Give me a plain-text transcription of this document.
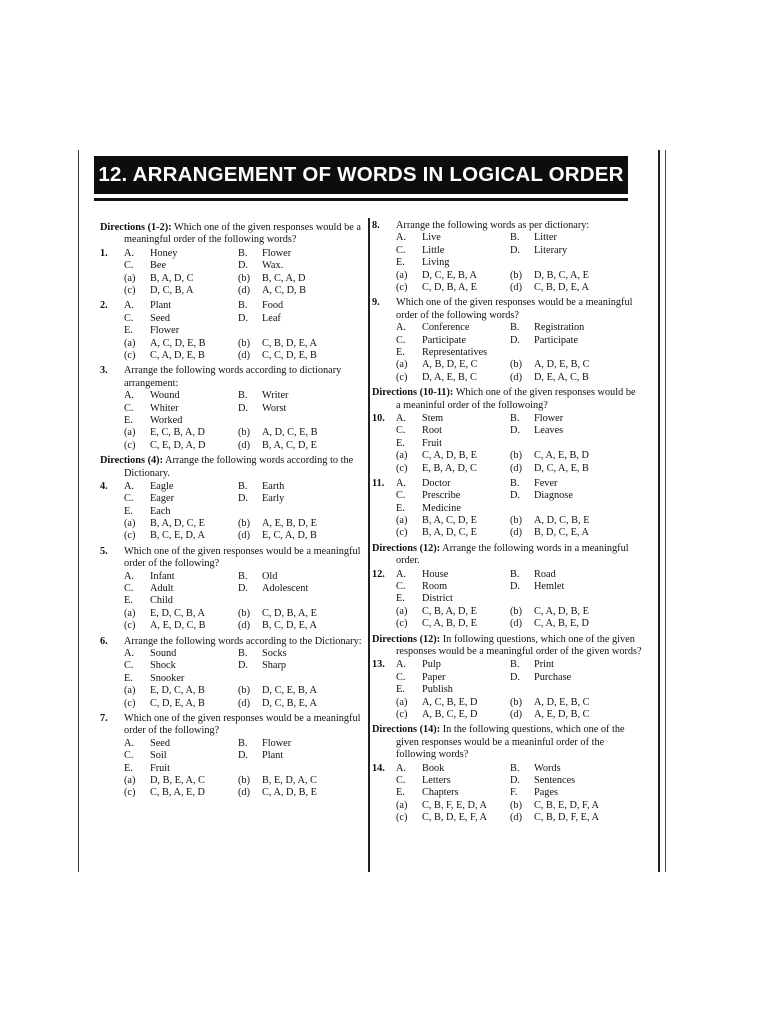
12. ARRANGEMENT OF WORDS IN LOGICAL ORDER
Directions (1-2): Which one of the given responses would be a meaningful order of the following words?
1. A. Honey	B. Flower
C. Bee	D. Wax.
(a) B, A, D, C	(b) B, C, A, D
(c) D, C, B, A	(d) A, C, D, B
2. A. Plant	B. Food
C. Seed	D. Leaf
E. Flower
(a) A, C, D, E, B	(b) C, B, D, E, A
(c) C, A, D, E, B	(d) C, C, D, E, B
3.	Arrange the following words according to dictionary arrangement:
A. Wound	B. Writer
C. Whiter	D. Worst
E. Worked
(a) E, C, B, A, D	(b) A, D, C, E, B
(c) C, E, D, A, D	(d) B, A, C, D, E
Directions (4): Arrange the following words according to the Dictionary.
4. A. Eagle	B. Earth
C. Eager	D. Early
E. Each
(a) B, A, D, C, E	(b) A, E, B, D, E
(c) B, C, E, D, A	(d) E, C, A, D, B
5.	Which one of the given responses would be a meaningful order of the following?
A. Infant	B. Old
C. Adult	D. Adolescent
E. Child
(a) E, D, C, B, A	(b) C, D, B, A, E
(c) A, E, D, C, B	(d) B, C, D, E, A
6.	Arrange the following words according to the Dictionary:
A. Sound	B. Socks
C. Shock	D. Sharp
E. Snooker
(a) E, D, C, A, B	(b) D, C, E, B, A
(c) C, D, E, A, B	(d) D, C, B, E, A
7.	Which one of the given responses would be a meaningful order of the following?
A. Seed	B. Flower
C. Soil	D. Plant
E. Fruit
(a) D, B, E, A, C	(b) B, E, D, A, C
(c) C, B, A, E, D	(d) C, A, D, B, E
8.	Arrange the following words as per dictionary:
A. Live	B. Litter
C. Little	D. Literary
E. Living
(a) D, C, E, B, A	(b) D, B, C, A, E
(c) C, D, B, A, E	(d) C, B, D, E, A
9.	Which one of the given responses would be a meaningful order of the following words?
A. Conference	B. Registration
C. Participate	D. Participate
E. Representatives
(a) A, B, D, E, C	(b) A, D, E, B, C
(c) D, A, E, B, C	(d) D, E, A, C, B
Directions (10-11): Which one of the given responses would be a meaninful order of the followoing?
10. A. Stem	B. Flower
C. Root	D. Leaves
E. Fruit
(a) C, A, D, B, E	(b) C, A, E, B, D
(c) E, B, A, D, C	(d) D, C, A, E, B
11. A. Doctor	B. Fever
C. Prescribe	D. Diagnose
E. Medicine
(a) B, A, C, D, E	(b) A, D, C, B, E
(c) B, A, D, C, E	(d) B, D, C, E, A
Directions (12): Arrange the following words in a meaningful order.
12. A. House	B. Road
C. Room	D. Hemlet
E. District
(a) C, B, A, D, E	(b) C, A, D, B, E
(c) C, A, B, D, E	(d) C, A, B, E, D
Directions (12): In following questions, which one of the given responses would be a meaningful order of the given words?
13. A. Pulp	B. Print
C. Paper	D. Purchase
E. Publish
(a) A, C, B, E, D	(b) A, D, E, B, C
(c) A, B, C, E, D	(d) A, E, D, B, C
Directions (14): In the following questions, which one of the given responses would be a meaninful order of the following words?
14. A. Book	B. Words
C. Letters	D. Sentences
E. Chapters	F. Pages
(a) C, B, F, E, D, A (b) C, B, E, D, F, A
(c) C, B, D, E, F, A (d) C, B, D, F, E, A
